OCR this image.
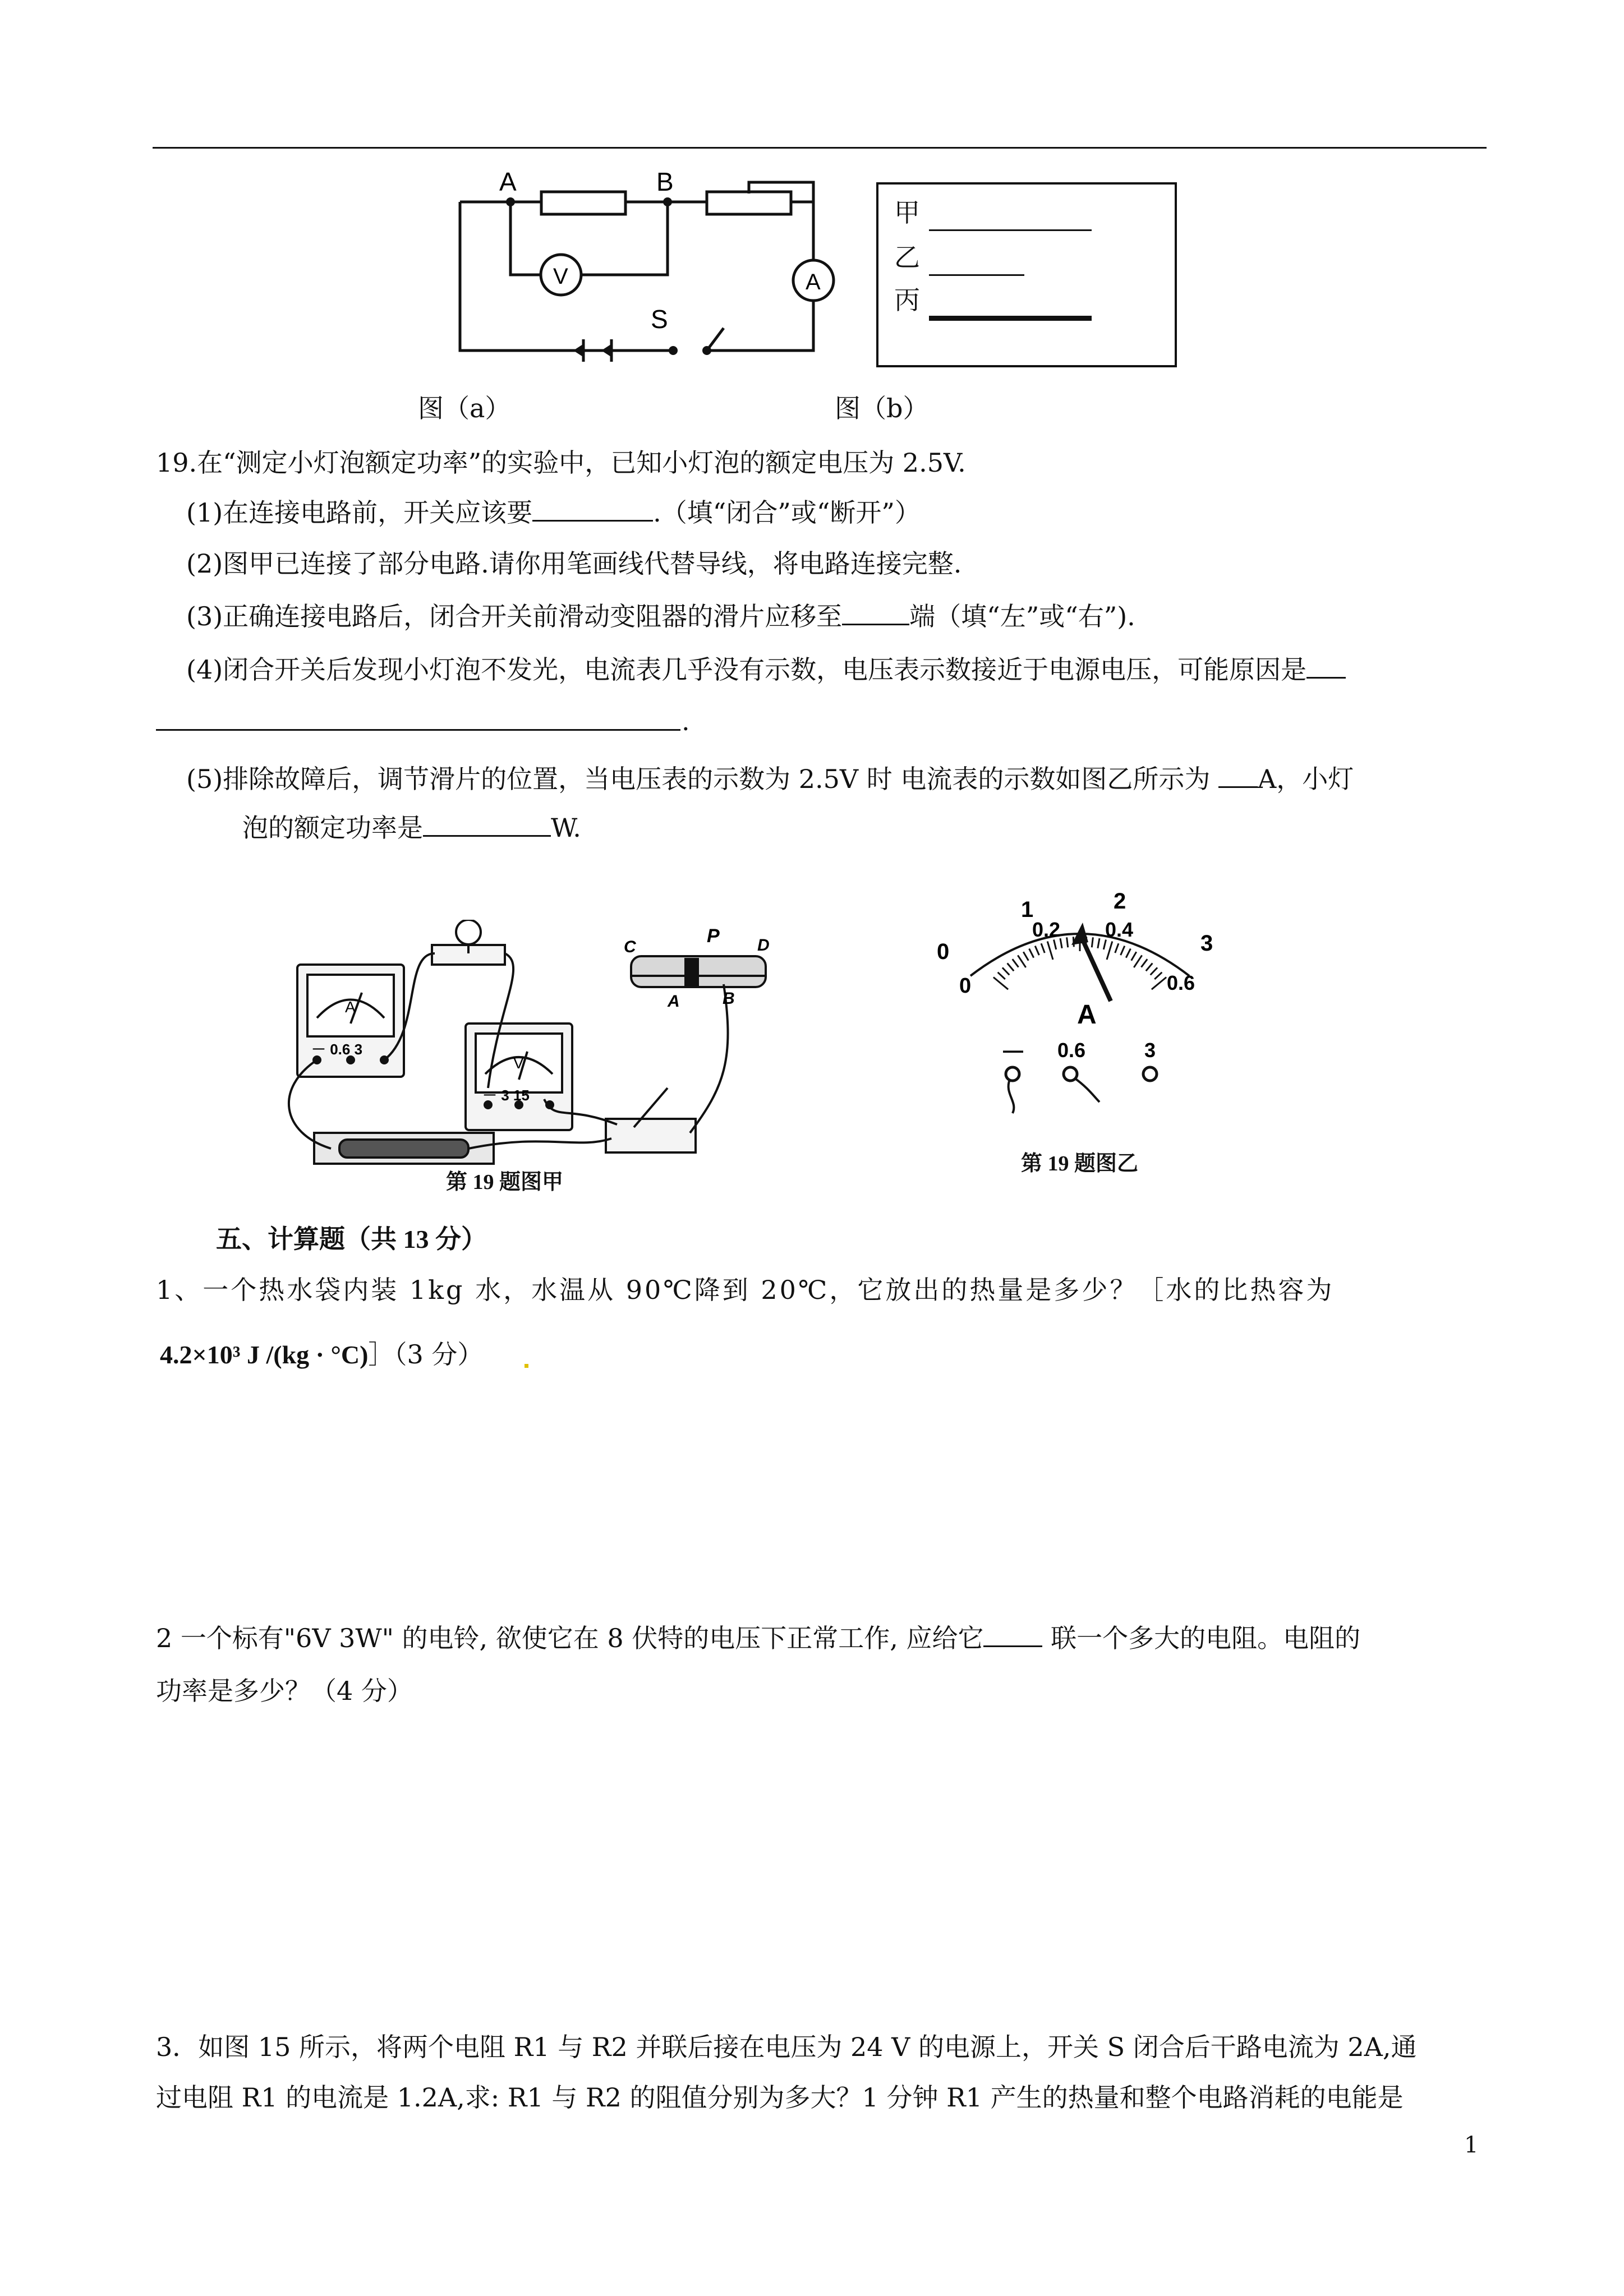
A	B
S
V	A
甲
乙
丙
图（a）	图（b）
19.在“测定小灯泡额定功率”的实验中，已知小灯泡的额定电压为 2.5V.
(1)在连接电路前，开关应该要	.（填“闭合”或“断开”）
(2)图甲已连接了部分电路.请你用笔画线代替导线，将电路连接完整.
(3)正确连接电路后，闭合开关前滑动变阻器的滑片应移至	端（填“左”或“右”).
(4)闭合开关后发现小灯泡不发光，电流表几乎没有示数，电压表示数接近于电源电压，可能原因是
.
(5)排除故障后，调节滑片的位置，当电压表的示数为 2.5V 时 电流表的示数如图乙所示为 A，小灯
泡的额定功率是	W.
A
V
－ 0.6 3
－ 3 15
C
P D
A	B
第 19 题图甲
0
1	2
3
0
0.2 0.4
0.6
A
— 0.6	3
第 19 题图乙
五、计算题（共 13 分）
1、一个热水袋内装 1kg 水，水温从 90℃降到 20℃，它放出的热量是多少？［水的比热容为
4.2×10³ J /(kg · °C)］（3 分）
2 一个标有"6V 3W" 的电铃, 欲使它在 8 伏特的电压下正常工作, 应给它 联一个多大的电阻。电阻的
功率是多少？（4 分）
3．如图 15 所示，将两个电阻 R1 与 R2 并联后接在电压为 24 V 的电源上，开关 S 闭合后干路电流为 2A,通
过电阻 R1 的电流是 1.2A,求: R1 与 R2 的阻值分别为多大？1 分钟 R1 产生的热量和整个电路消耗的电能是
1
